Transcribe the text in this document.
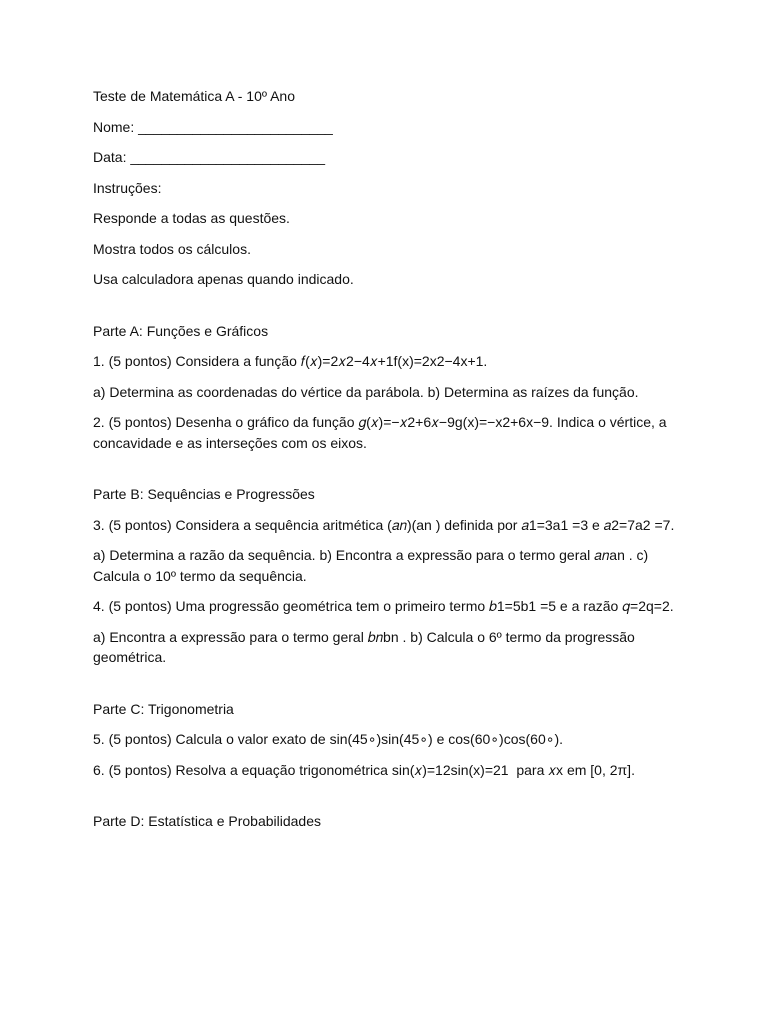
Teste de Matemática A - 10º Ano

Nome: _________________________

Data: _________________________

Instruções:

Responde a todas as questões.

Mostra todos os cálculos.

Usa calculadora apenas quando indicado.

Parte A: Funções e Gráficos

1. (5 pontos) Considera a função 𝑓(𝑥)=2𝑥2−4𝑥+1f(x)=2x2−4x+1.

a) Determina as coordenadas do vértice da parábola. b) Determina as raízes da função.

2. (5 pontos) Desenha o gráfico da função 𝑔(𝑥)=−𝑥2+6𝑥−9g(x)=−x2+6x−9. Indica o vértice, a concavidade e as interseções com os eixos.

Parte B: Sequências e Progressões

3. (5 pontos) Considera a sequência aritmética (𝑎𝑛)(an ) definida por 𝑎1=3a1 =3 e 𝑎2=7a2 =7.

a) Determina a razão da sequência. b) Encontra a expressão para o termo geral 𝑎𝑛an . c) Calcula o 10º termo da sequência.

4. (5 pontos) Uma progressão geométrica tem o primeiro termo 𝑏1=5b1 =5 e a razão 𝑞=2q=2.

a) Encontra a expressão para o termo geral 𝑏𝑛bn . b) Calcula o 6º termo da progressão geométrica.

Parte C: Trigonometria

5. (5 pontos) Calcula o valor exato de sin(45∘)sin(45∘) e cos(60∘)cos(60∘).

6. (5 pontos) Resolva a equação trigonométrica sin(𝑥)=12sin(x)=21  para 𝑥x em [0, 2π].

Parte D: Estatística e Probabilidades
